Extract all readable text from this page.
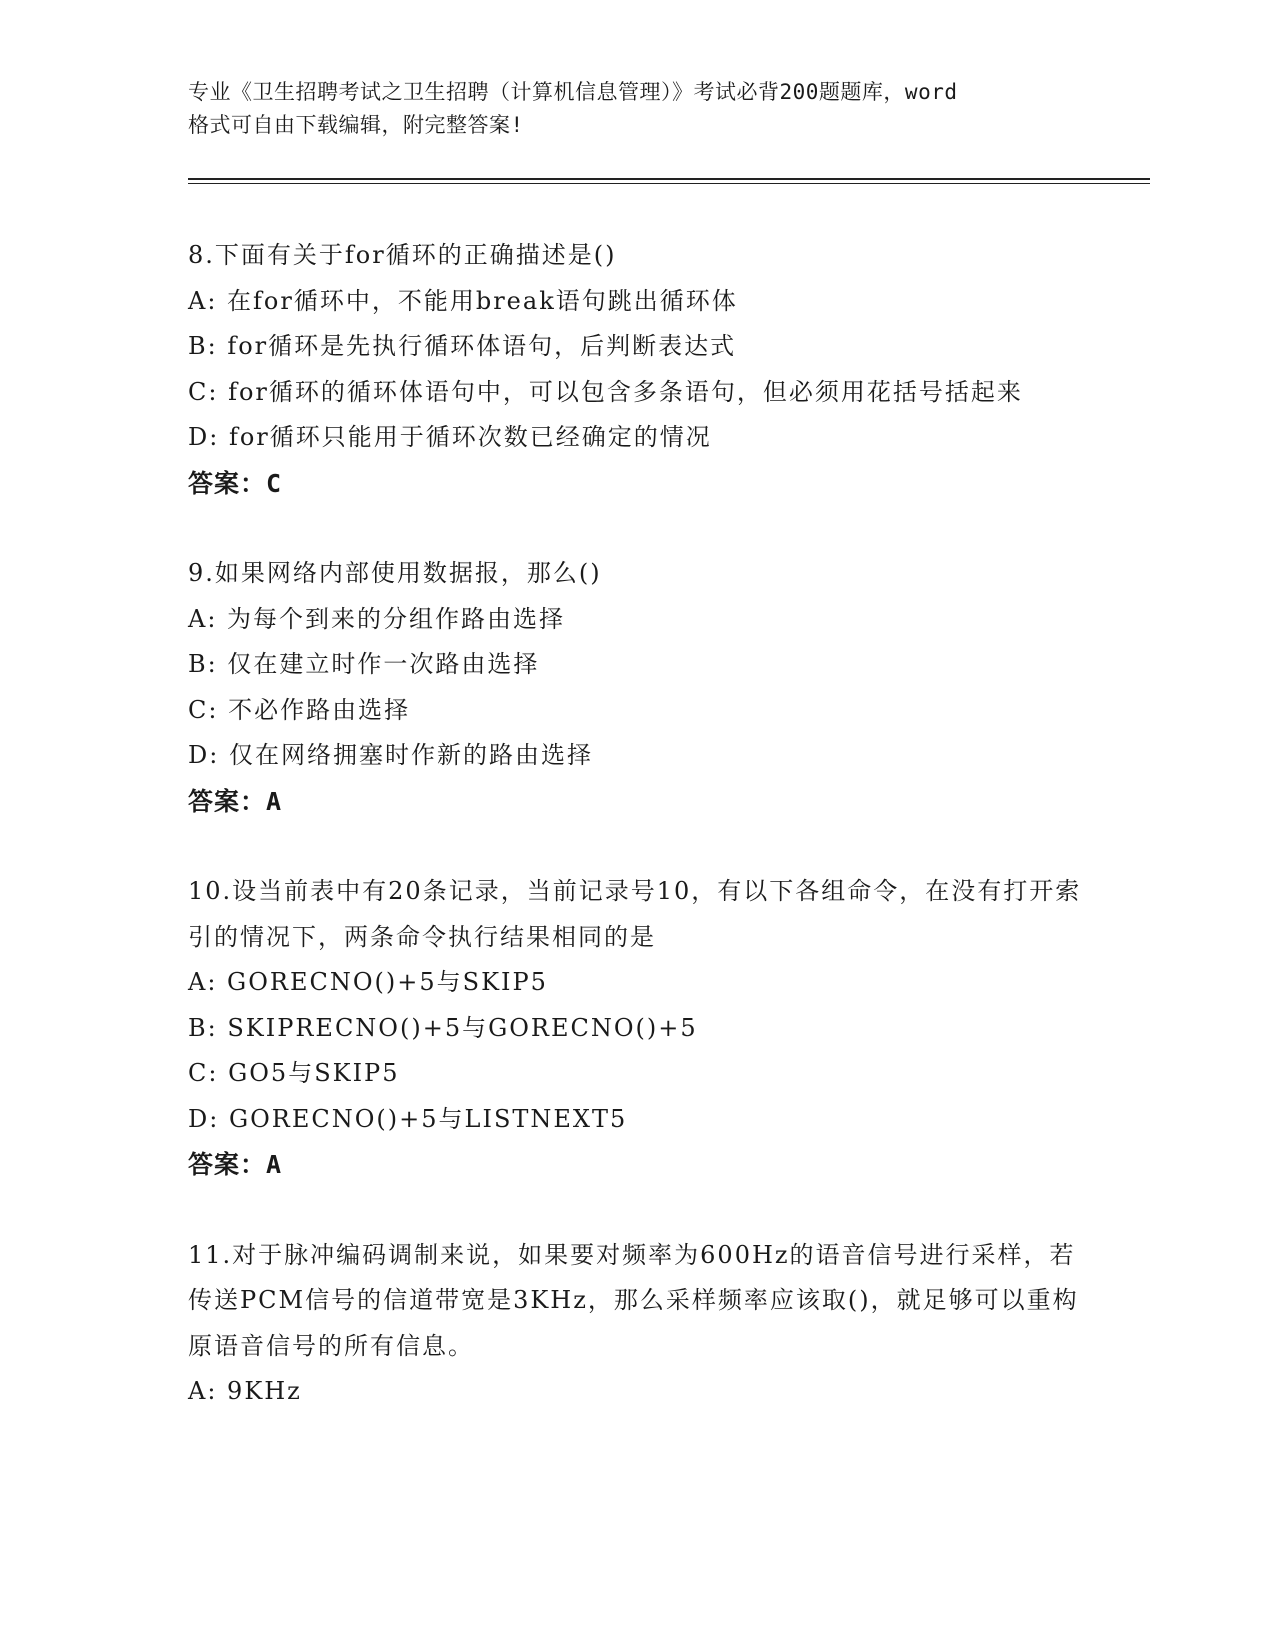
专业《卫生招聘考试之卫生招聘（计算机信息管理）》考试必背200题题库，word
格式可自由下载编辑，附完整答案!

8.下面有关于for循环的正确描述是()

A: 在for循环中，不能用break语句跳出循环体

B: for循环是先执行循环体语句，后判断表达式

C: for循环的循环体语句中，可以包含多条语句，但必须用花括号括起来

D: for循环只能用于循环次数已经确定的情况

答案：C

9.如果网络内部使用数据报，那么()

A: 为每个到来的分组作路由选择

B: 仅在建立时作一次路由选择

C: 不必作路由选择

D: 仅在网络拥塞时作新的路由选择

答案：A

10.设当前表中有20条记录，当前记录号10，有以下各组命令，在没有打开索引的情况下，两条命令执行结果相同的是

A: GORECNO()+5与SKIP5

B: SKIPRECNO()+5与GORECNO()+5

C: GO5与SKIP5

D: GORECNO()+5与LISTNEXT5

答案：A

11.对于脉冲编码调制来说，如果要对频率为600Hz的语音信号进行采样，若传送PCM信号的信道带宽是3KHz，那么采样频率应该取()，就足够可以重构原语音信号的所有信息。

A: 9KHz
